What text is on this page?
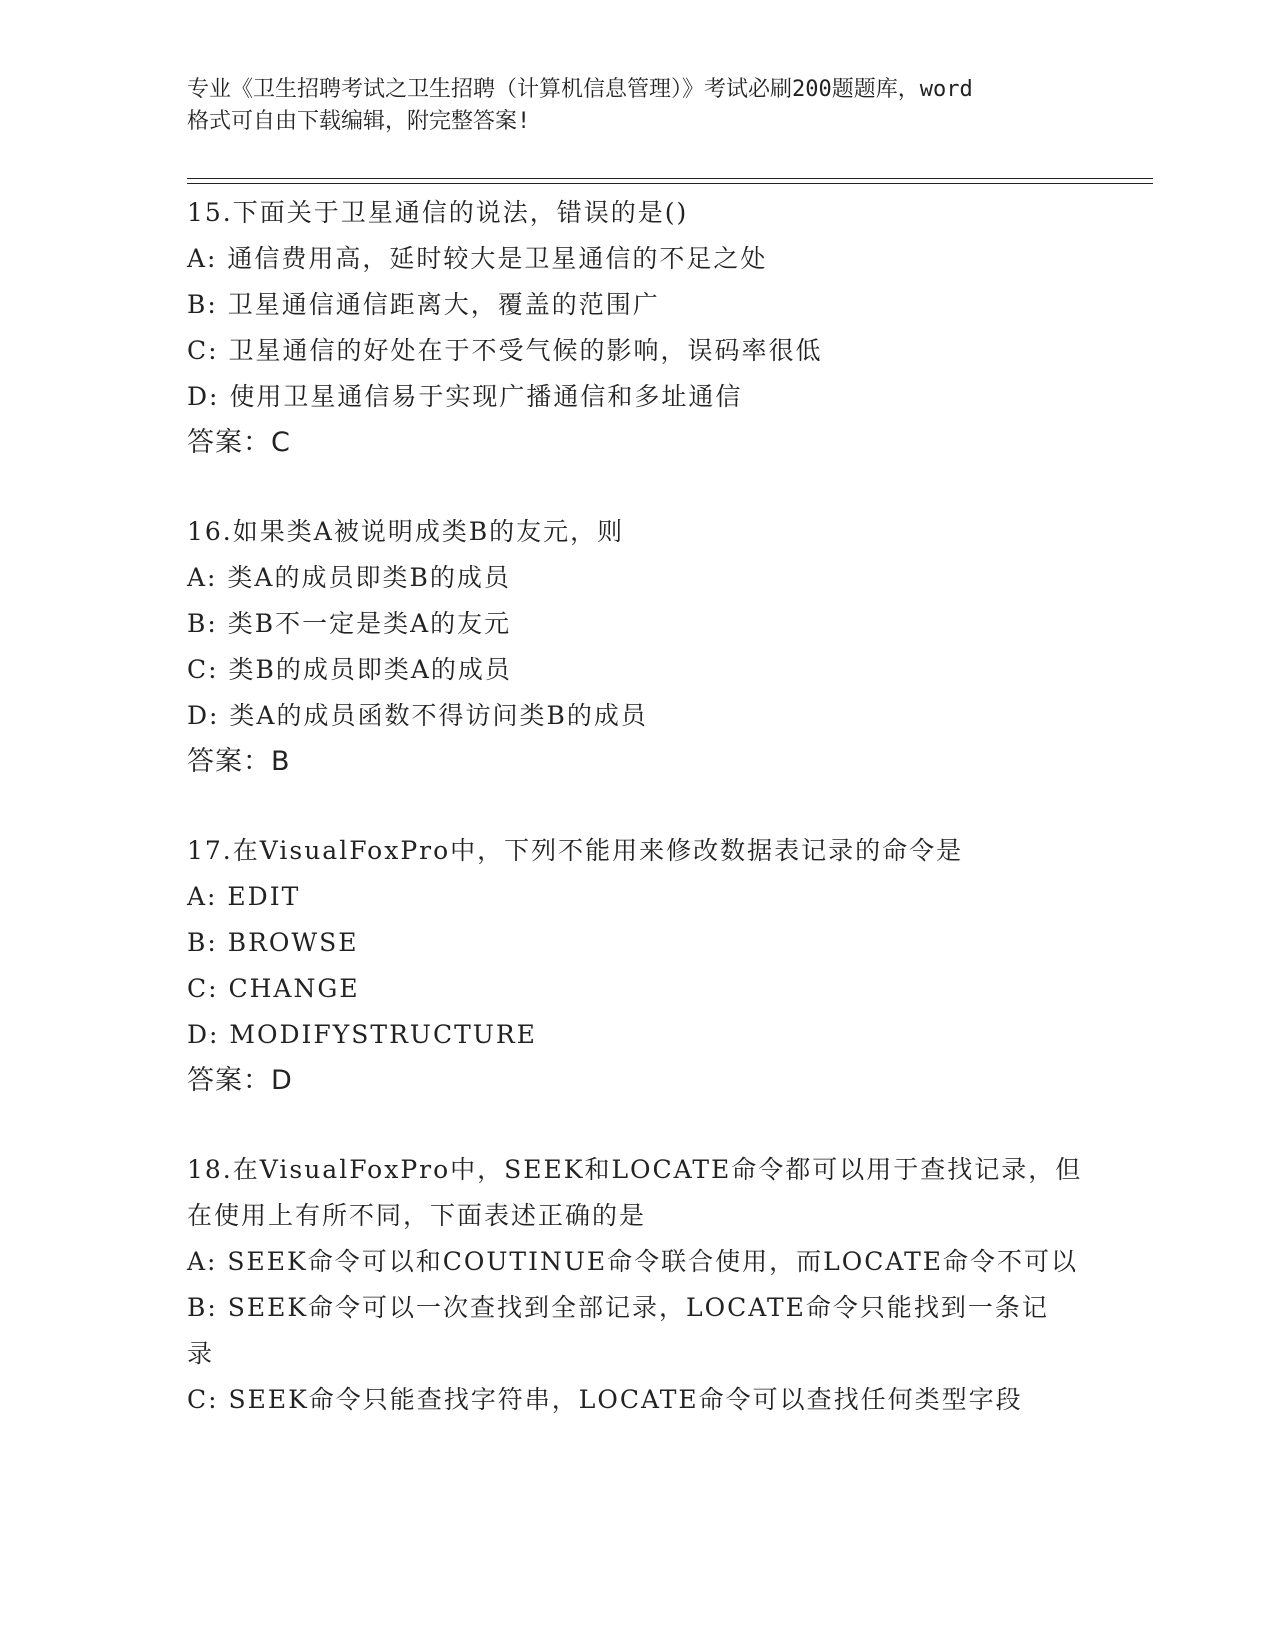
专业《卫生招聘考试之卫生招聘（计算机信息管理）》考试必刷200题题库，word
格式可自由下载编辑，附完整答案!
15.下面关于卫星通信的说法，错误的是()
A: 通信费用高，延时较大是卫星通信的不足之处
B: 卫星通信通信距离大，覆盖的范围广
C: 卫星通信的好处在于不受气候的影响，误码率很低
D: 使用卫星通信易于实现广播通信和多址通信
答案：C
16.如果类A被说明成类B的友元，则
A: 类A的成员即类B的成员
B: 类B不一定是类A的友元
C: 类B的成员即类A的成员
D: 类A的成员函数不得访问类B的成员
答案：B
17.在VisualFoxPro中，下列不能用来修改数据表记录的命令是
A: EDIT
B: BROWSE
C: CHANGE
D: MODIFYSTRUCTURE
答案：D
18.在VisualFoxPro中，SEEK和LOCATE命令都可以用于查找记录，但
在使用上有所不同，下面表述正确的是
A: SEEK命令可以和COUTINUE命令联合使用，而LOCATE命令不可以
B: SEEK命令可以一次查找到全部记录，LOCATE命令只能找到一条记
录
C: SEEK命令只能查找字符串，LOCATE命令可以查找任何类型字段
